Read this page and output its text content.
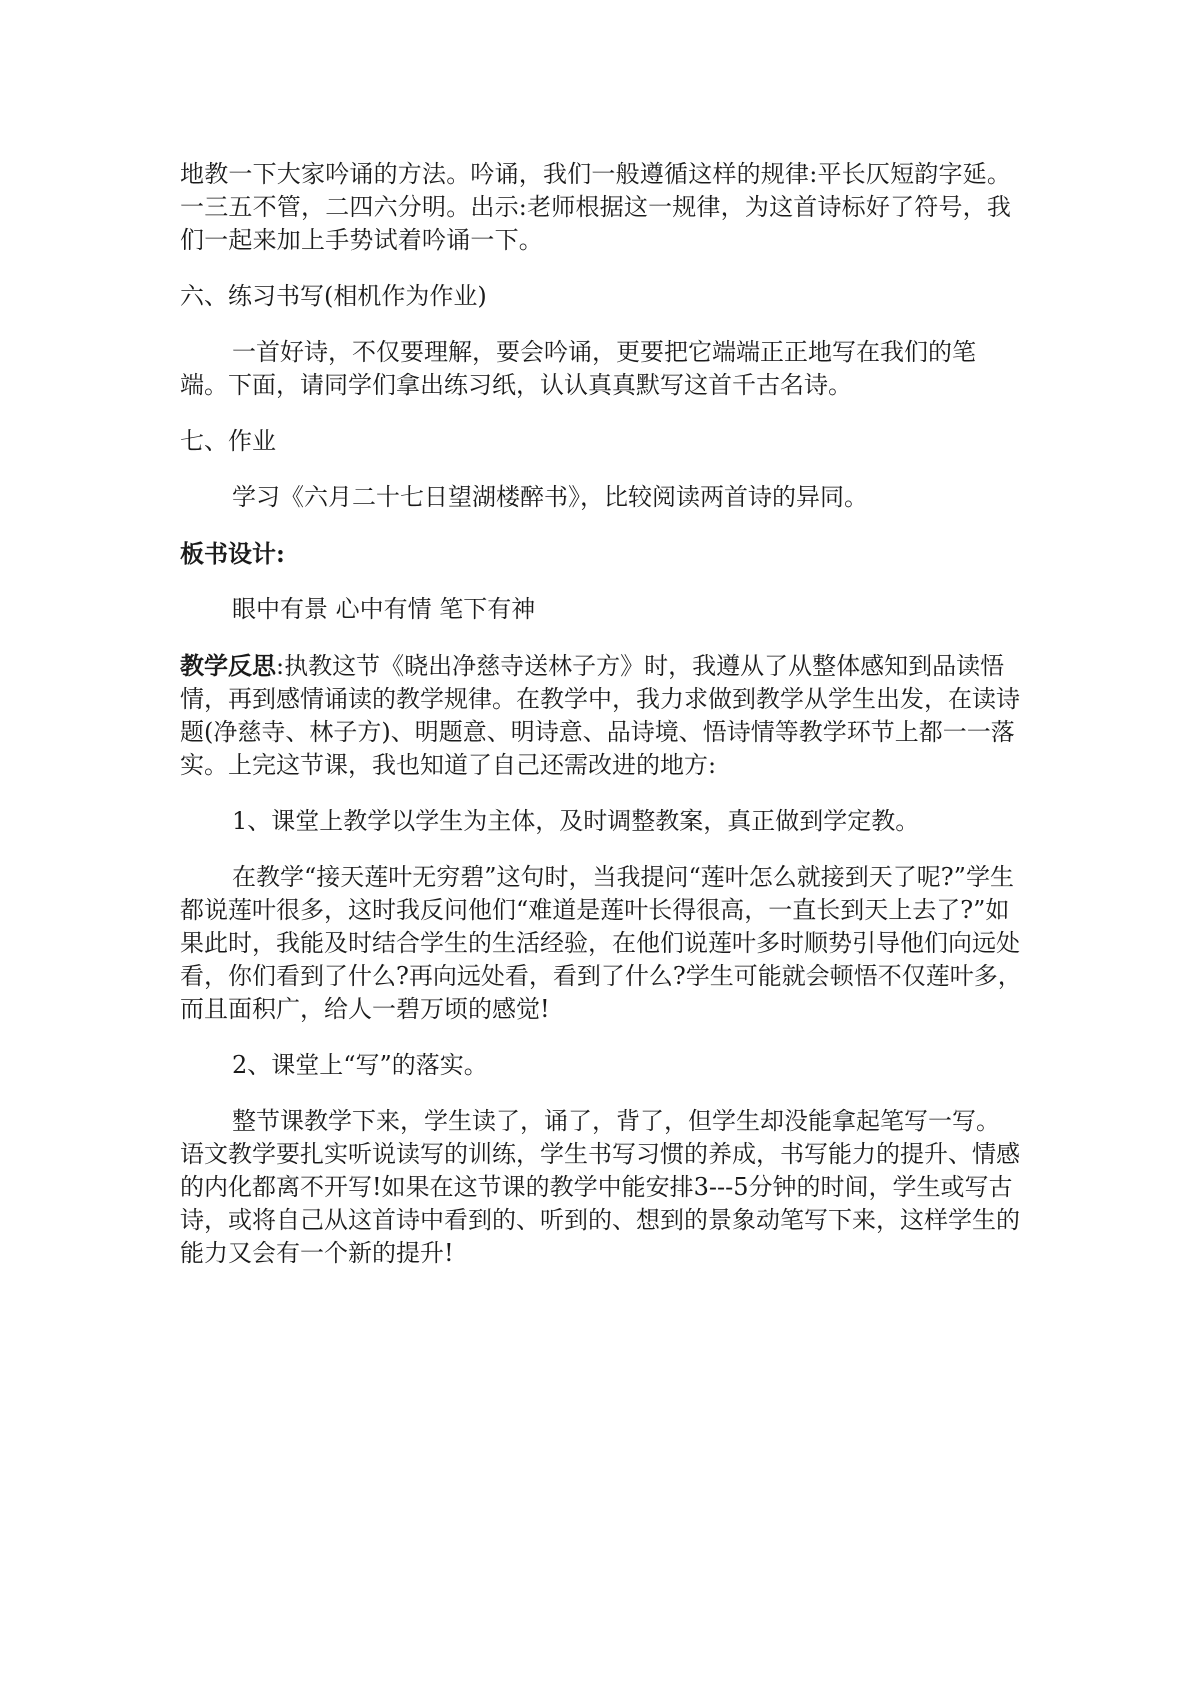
地教一下大家吟诵的方法。吟诵，我们一般遵循这样的规律:平长仄短韵字延。一三五不管，二四六分明。出示:老师根据这一规律，为这首诗标好了符号，我们一起来加上手势试着吟诵一下。

六、练习书写(相机作为作业)

一首好诗，不仅要理解，要会吟诵，更要把它端端正正地写在我们的笔端。下面，请同学们拿出练习纸，认认真真默写这首千古名诗。

七、作业

学习《六月二十七日望湖楼醉书》，比较阅读两首诗的异同。

板书设计:

眼中有景 心中有情 笔下有神

教学反思:执教这节《晓出净慈寺送林子方》时，我遵从了从整体感知到品读悟情，再到感情诵读的教学规律。在教学中，我力求做到教学从学生出发，在读诗题(净慈寺、林子方)、明题意、明诗意、品诗境、悟诗情等教学环节上都一一落实。上完这节课，我也知道了自己还需改进的地方:

1、课堂上教学以学生为主体，及时调整教案，真正做到学定教。

在教学“接天莲叶无穷碧”这句时，当我提问“莲叶怎么就接到天了呢?”学生都说莲叶很多，这时我反问他们“难道是莲叶长得很高，一直长到天上去了?”如果此时，我能及时结合学生的生活经验，在他们说莲叶多时顺势引导他们向远处看，你们看到了什么?再向远处看，看到了什么?学生可能就会顿悟不仅莲叶多，而且面积广，给人一碧万顷的感觉!

2、课堂上“写”的落实。

整节课教学下来，学生读了，诵了，背了，但学生却没能拿起笔写一写。语文教学要扎实听说读写的训练，学生书写习惯的养成，书写能力的提升、情感的内化都离不开写!如果在这节课的教学中能安排3---5分钟的时间，学生或写古诗，或将自己从这首诗中看到的、听到的、想到的景象动笔写下来，这样学生的能力又会有一个新的提升!
